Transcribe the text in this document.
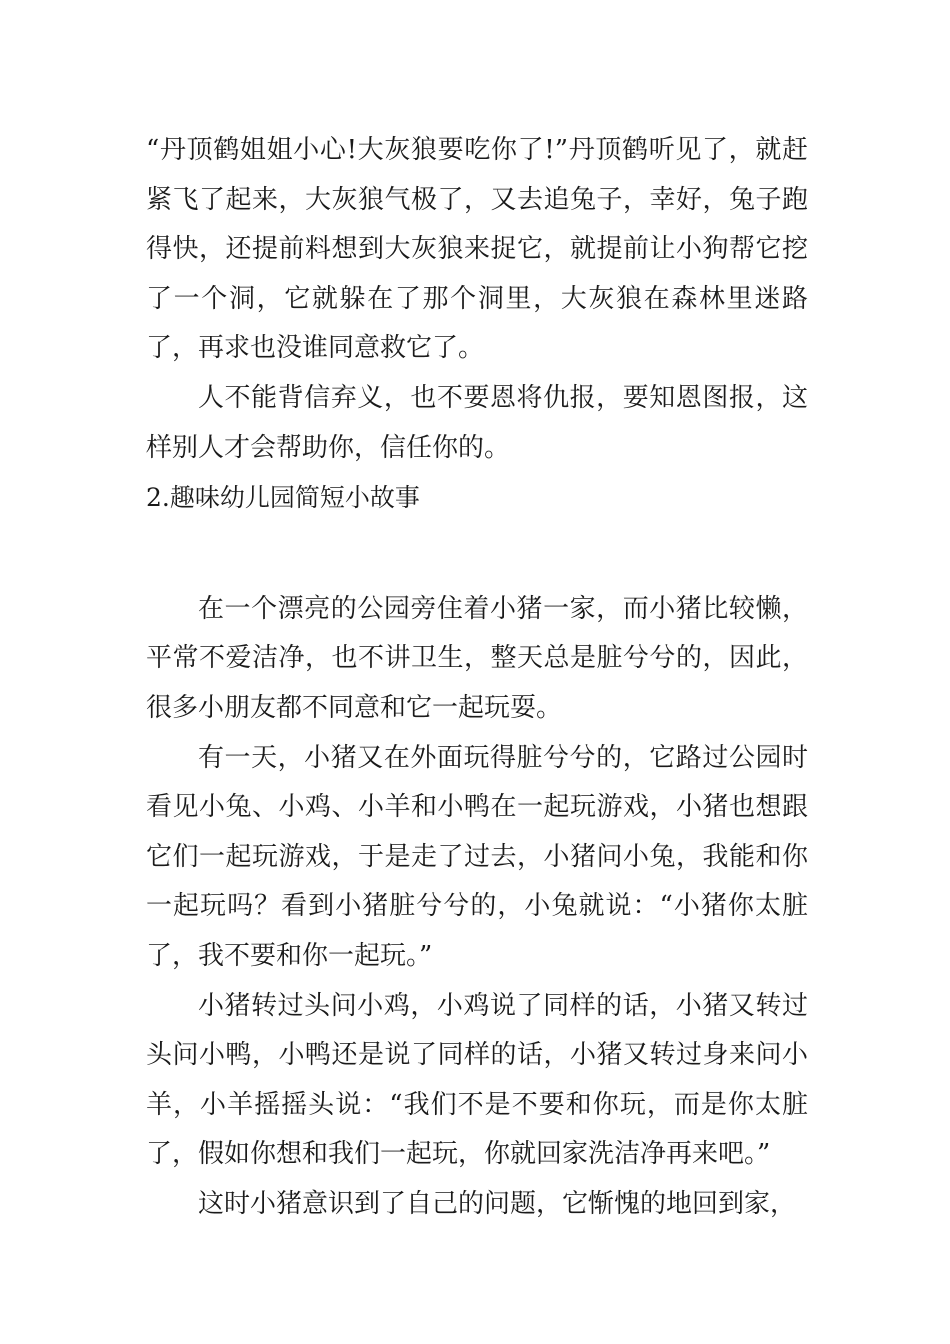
“丹顶鹤姐姐小心!大灰狼要吃你了!”丹顶鹤听见了，就赶紧飞了起来，大灰狼气极了，又去追兔子，幸好，兔子跑得快，还提前料想到大灰狼来捉它，就提前让小狗帮它挖了一个洞，它就躲在了那个洞里，大灰狼在森林里迷路了，再求也没谁同意救它了。

人不能背信弃义，也不要恩将仇报，要知恩图报，这样别人才会帮助你，信任你的。

2.趣味幼儿园简短小故事

在一个漂亮的公园旁住着小猪一家，而小猪比较懒，平常不爱洁净，也不讲卫生，整天总是脏兮兮的，因此，很多小朋友都不同意和它一起玩耍。

有一天，小猪又在外面玩得脏兮兮的，它路过公园时看见小兔、小鸡、小羊和小鸭在一起玩游戏，小猪也想跟它们一起玩游戏，于是走了过去，小猪问小兔，我能和你一起玩吗？看到小猪脏兮兮的，小兔就说：“小猪你太脏了，我不要和你一起玩。”

小猪转过头问小鸡，小鸡说了同样的话，小猪又转过头问小鸭，小鸭还是说了同样的话，小猪又转过身来问小羊，小羊摇摇头说：“我们不是不要和你玩，而是你太脏了，假如你想和我们一起玩，你就回家洗洁净再来吧。”

这时小猪意识到了自己的问题，它惭愧的地回到家，
